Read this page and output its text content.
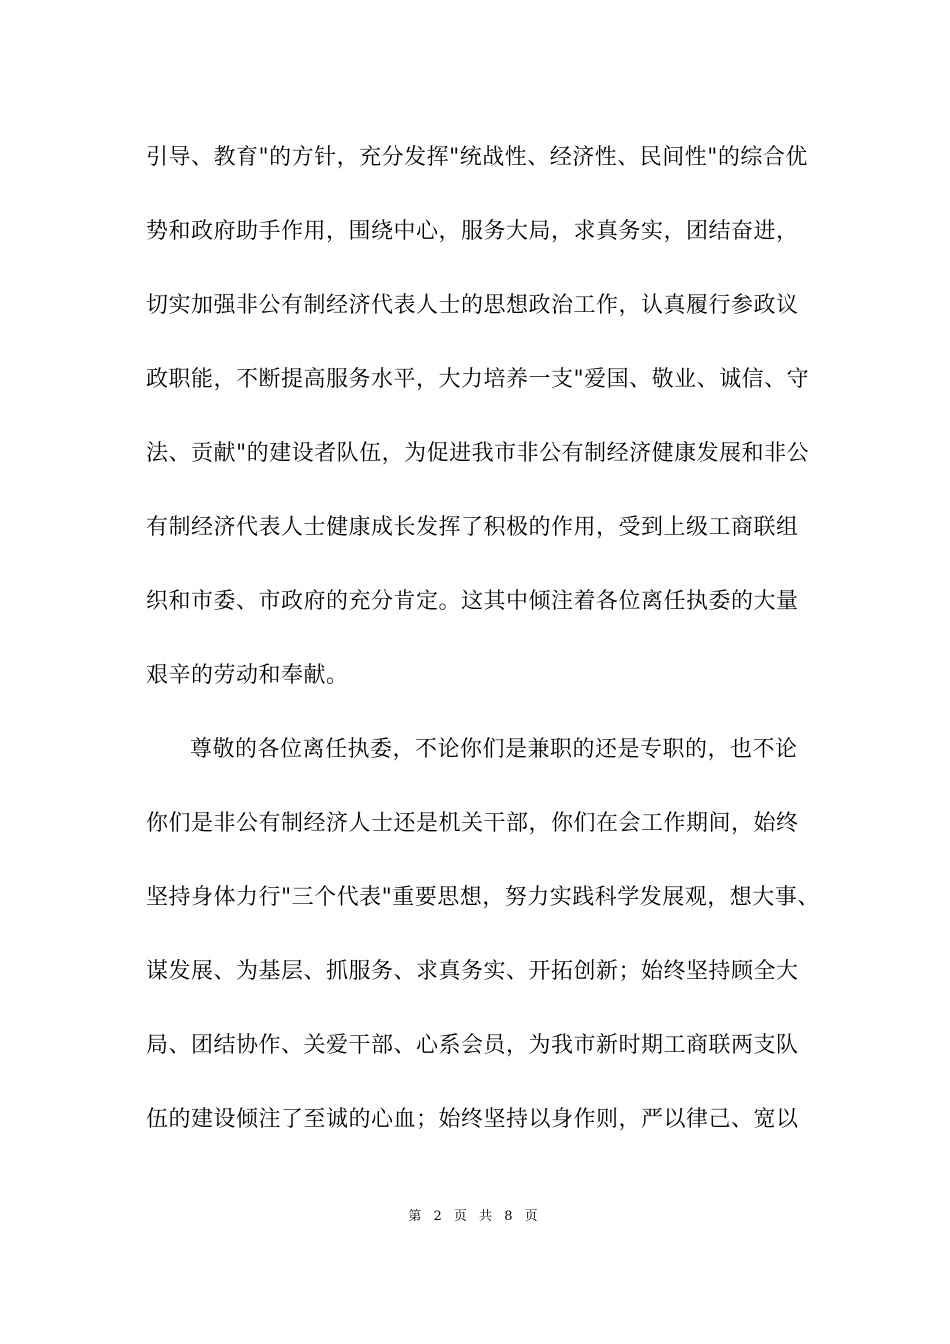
引导、教育"的方针，充分发挥"统战性、经济性、民间性"的综合优
势和政府助手作用，围绕中心，服务大局，求真务实，团结奋进，
切实加强非公有制经济代表人士的思想政治工作，认真履行参政议
政职能，不断提高服务水平，大力培养一支"爱国、敬业、诚信、守
法、贡献"的建设者队伍，为促进我市非公有制经济健康发展和非公
有制经济代表人士健康成长发挥了积极的作用，受到上级工商联组
织和市委、市政府的充分肯定。这其中倾注着各位离任执委的大量
艰辛的劳动和奉献。
尊敬的各位离任执委，不论你们是兼职的还是专职的，也不论
你们是非公有制经济人士还是机关干部，你们在会工作期间，始终
坚持身体力行"三个代表"重要思想，努力实践科学发展观，想大事、
谋发展、为基层、抓服务、求真务实、开拓创新；始终坚持顾全大
局、团结协作、关爱干部、心系会员，为我市新时期工商联两支队
伍的建设倾注了至诚的心血；始终坚持以身作则，严以律己、宽以
第 2 页 共 8 页
